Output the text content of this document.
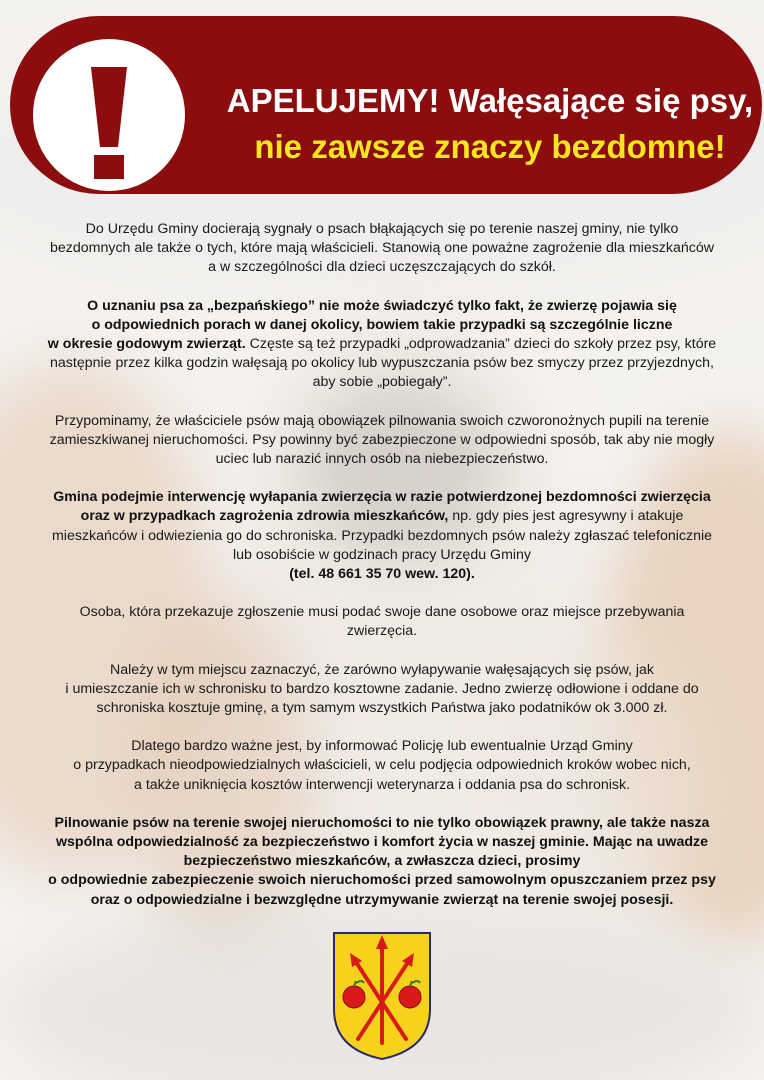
APELUJEMY! Wałęsające się psy,
nie zawsze znaczy bezdomne!

Do Urzędu Gminy docierają sygnały o psach błąkających się po terenie naszej gminy, nie tylko
bezdomnych ale także o tych, które mają właścicieli. Stanowią one poważne zagrożenie dla mieszkańców
a w szczególności dla dzieci uczęszczających do szkół.

O uznaniu psa za „bezpańskiego” nie może świadczyć tylko fakt, że zwierzę pojawia się
o odpowiednich porach w danej okolicy, bowiem takie przypadki są szczególnie liczne
w okresie godowym zwierząt. Częste są też przypadki „odprowadzania” dzieci do szkoły przez psy, które
następnie przez kilka godzin wałęsają po okolicy lub wypuszczania psów bez smyczy przez przyjezdnych,
aby sobie „pobiegały”.

Przypominamy, że właściciele psów mają obowiązek pilnowania swoich czworonożnych pupili na terenie
zamieszkiwanej nieruchomości. Psy powinny być zabezpieczone w odpowiedni sposób, tak aby nie mogły
uciec lub narazić innych osób na niebezpieczeństwo.

Gmina podejmie interwencję wyłapania zwierzęcia w razie potwierdzonej bezdomności zwierzęcia
oraz w przypadkach zagrożenia zdrowia mieszkańców, np. gdy pies jest agresywny i atakuje
mieszkańców i odwiezienia go do schroniska. Przypadki bezdomnych psów należy zgłaszać telefonicznie
lub osobiście w godzinach pracy Urzędu Gminy
(tel. 48 661 35 70 wew. 120).

Osoba, która przekazuje zgłoszenie musi podać swoje dane osobowe oraz miejsce przebywania
zwierzęcia.

Należy w tym miejscu zaznaczyć, że zarówno wyłapywanie wałęsających się psów, jak
i umieszczanie ich w schronisku to bardzo kosztowne zadanie. Jedno zwierzę odłowione i oddane do
schroniska kosztuje gminę, a tym samym wszystkich Państwa jako podatników ok 3.000 zł.

Dlatego bardzo ważne jest, by informować Policję lub ewentualnie Urząd Gminy
o przypadkach nieodpowiedzialnych właścicieli, w celu podjęcia odpowiednich kroków wobec nich,
a także uniknięcia kosztów interwencji weterynarza i oddania psa do schronisk.

Pilnowanie psów na terenie swojej nieruchomości to nie tylko obowiązek prawny, ale także nasza
wspólna odpowiedzialność za bezpieczeństwo i komfort życia w naszej gminie. Mając na uwadze
bezpieczeństwo mieszkańców, a zwłaszcza dzieci, prosimy
o odpowiednie zabezpieczenie swoich nieruchomości przed samowolnym opuszczaniem przez psy
oraz o odpowiedzialne i bezwzględne utrzymywanie zwierząt na terenie swojej posesji.
